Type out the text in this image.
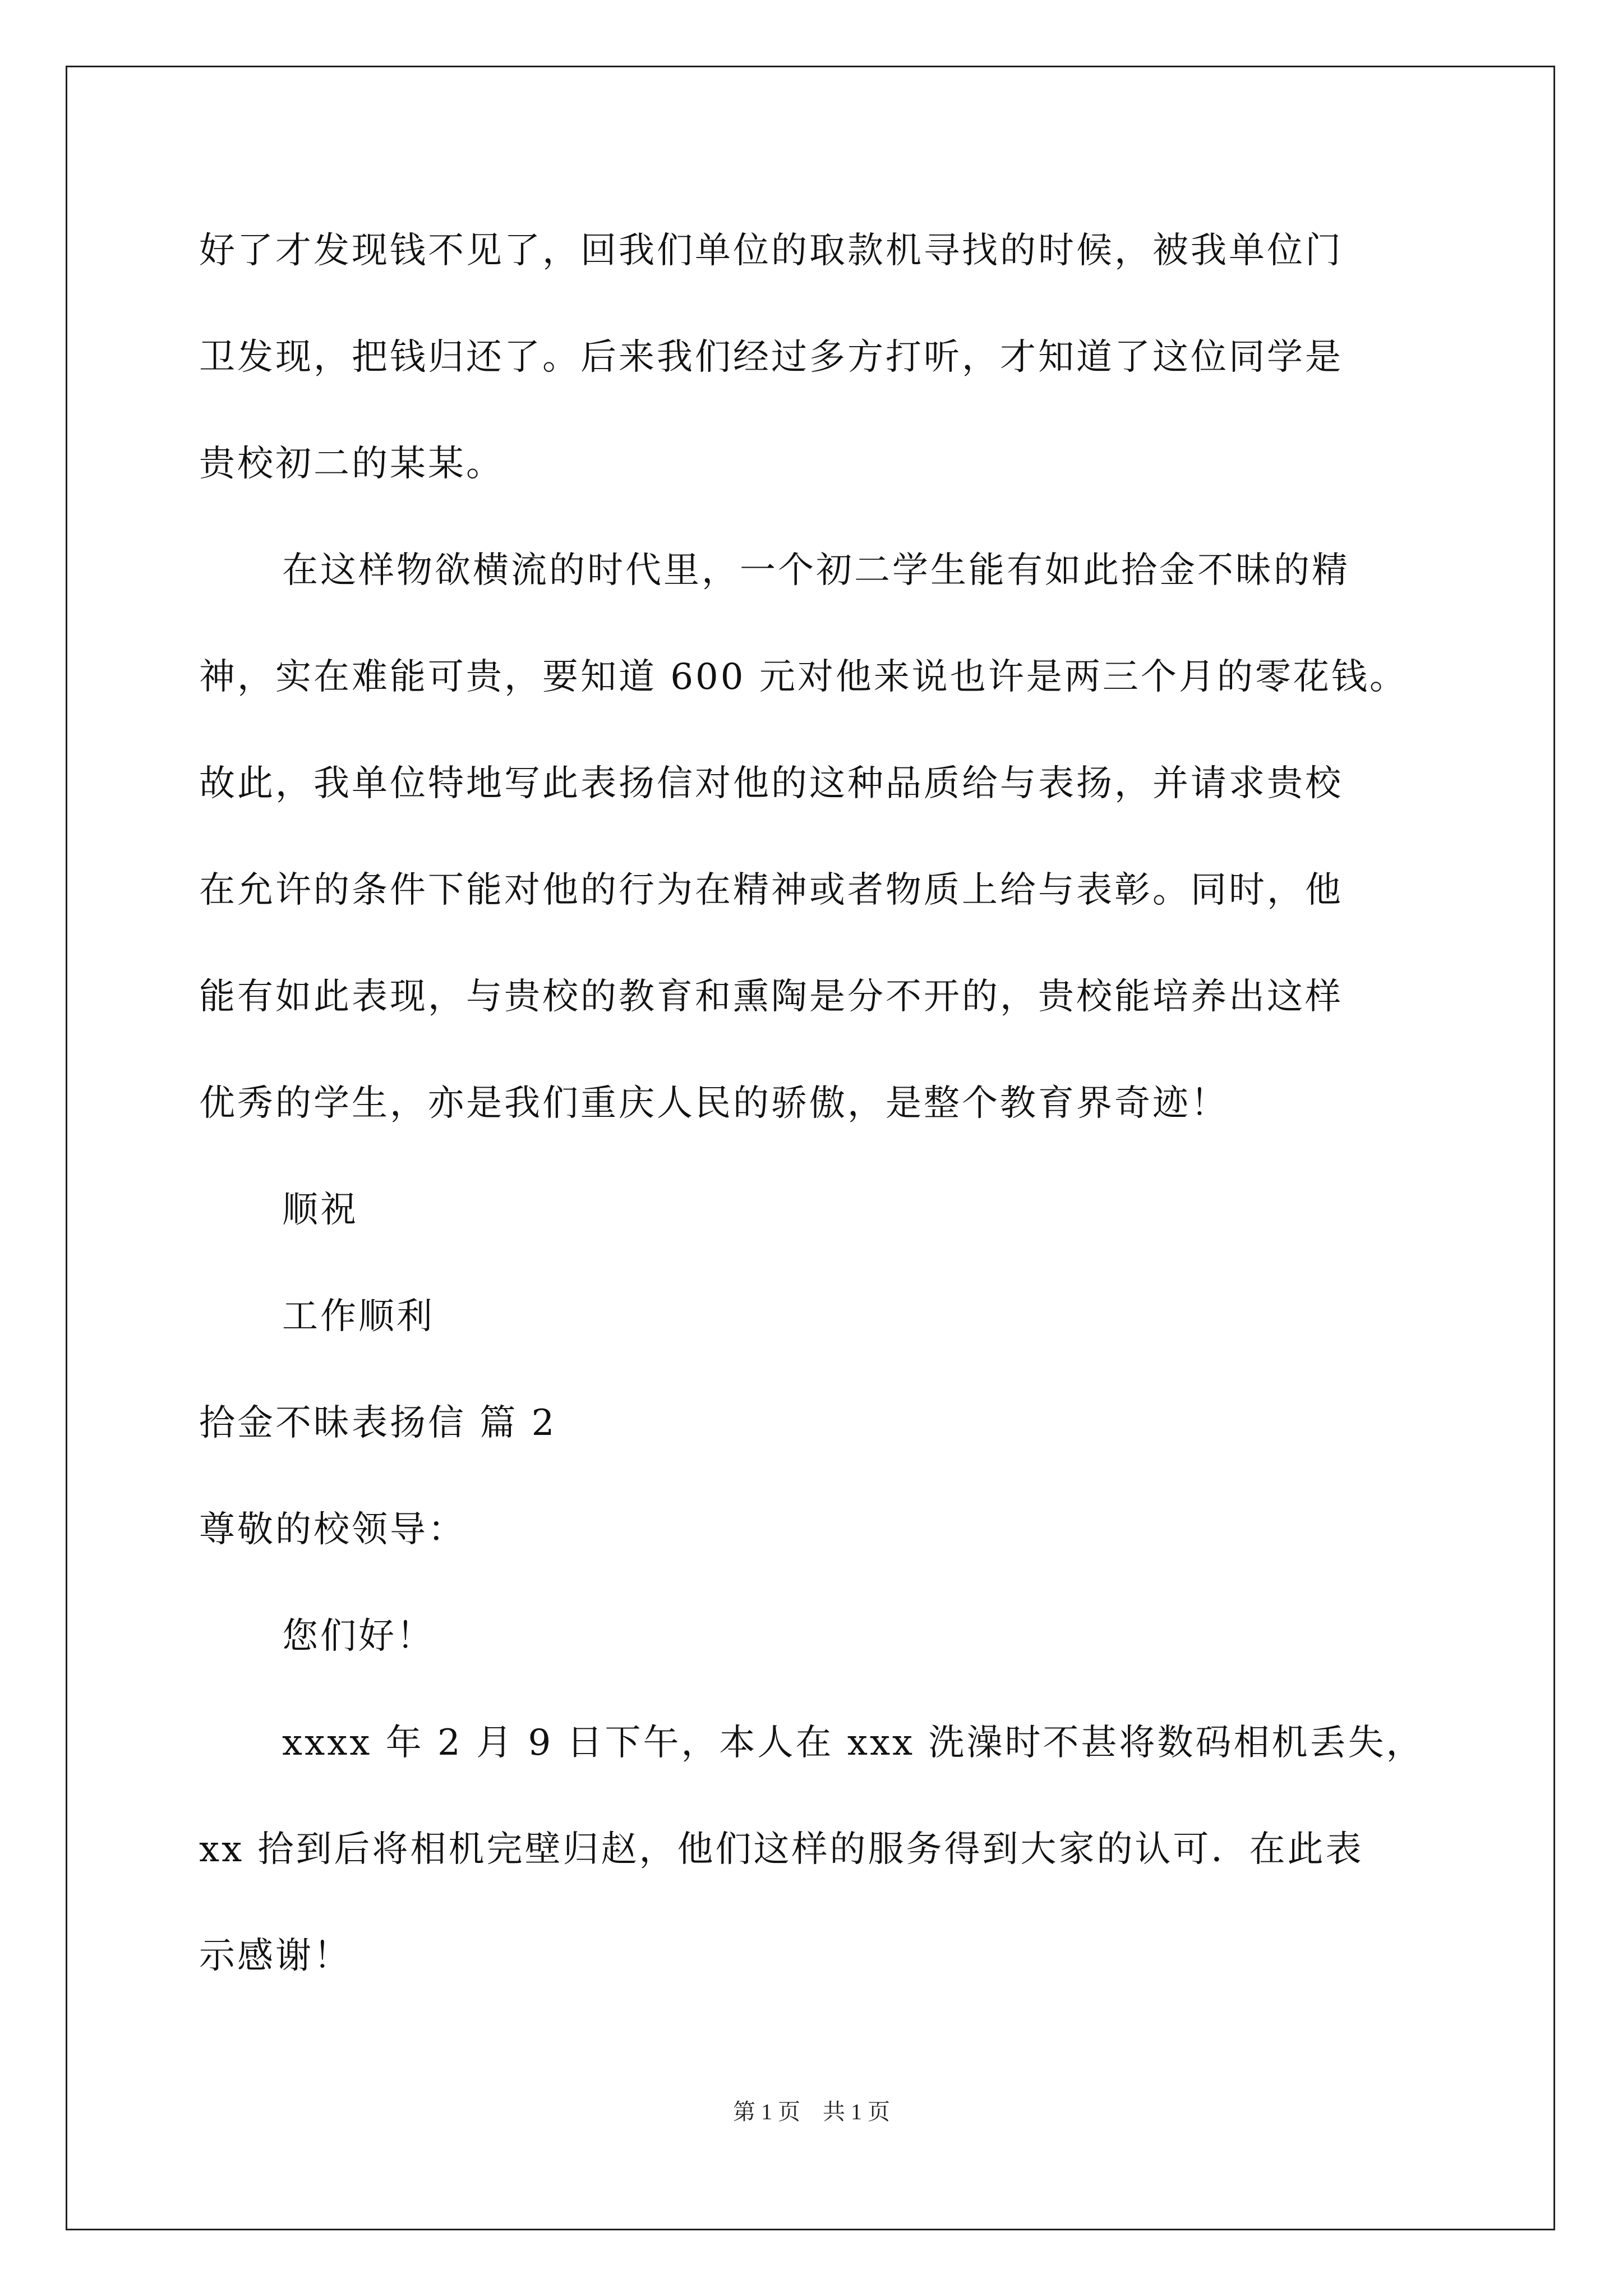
好了才发现钱不见了，回我们单位的取款机寻找的时候，被我单位门
卫发现，把钱归还了。后来我们经过多方打听，才知道了这位同学是
贵校初二的某某。
在这样物欲横流的时代里，一个初二学生能有如此拾金不昧的精
神，实在难能可贵，要知道 600 元对他来说也许是两三个月的零花钱。
故此，我单位特地写此表扬信对他的这种品质给与表扬，并请求贵校
在允许的条件下能对他的行为在精神或者物质上给与表彰。同时，他
能有如此表现，与贵校的教育和熏陶是分不开的，贵校能培养出这样
优秀的学生，亦是我们重庆人民的骄傲，是整个教育界奇迹！
顺祝
工作顺利
拾金不昧表扬信 篇 2
尊敬的校领导：
您们好！
xxxx 年 2 月 9 日下午，本人在 xxx 洗澡时不甚将数码相机丢失，
xx 拾到后将相机完壁归赵，他们这样的服务得到大家的认可．在此表
示感谢！
第 1 页    共 1 页
